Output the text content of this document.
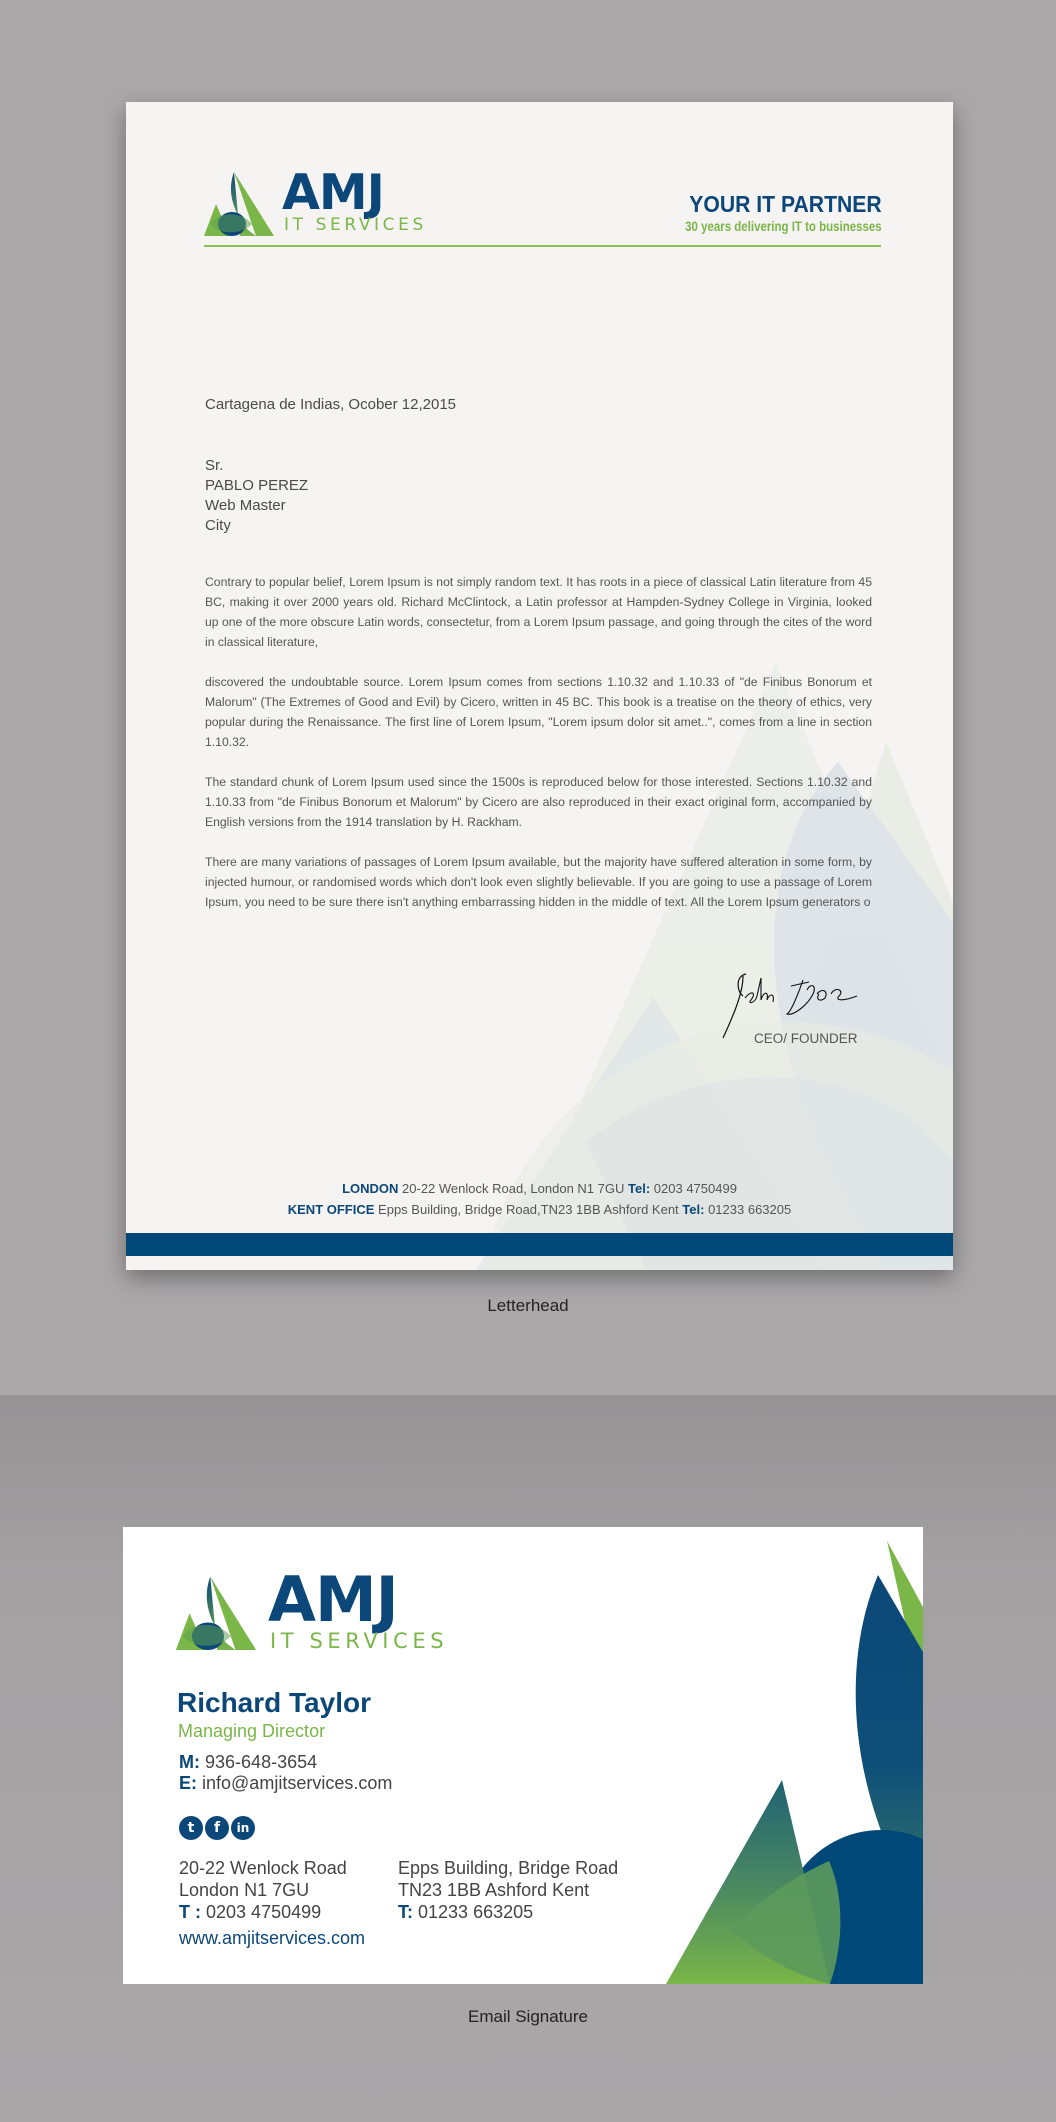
AMJ
IT SERVICES
YOUR IT PARTNER
30 years delivering IT to businesses
Cartagena de Indias, Ocober 12,2015
Sr.
PABLO PEREZ
Web Master
City

Contrary to popular belief, Lorem Ipsum is not simply random text. It has roots in a piece of classical Latin literature from 45 BC, making it over 2000 years old. Richard McClintock, a Latin professor at Hampden-Sydney College in Virginia, looked up one of the more obscure Latin words, consectetur, from a Lorem Ipsum passage, and going through the cites of the word in classical literature,

discovered the undoubtable source. Lorem Ipsum comes from sections 1.10.32 and 1.10.33 of "de Finibus Bonorum et Malorum" (The Extremes of Good and Evil) by Cicero, written in 45 BC. This book is a treatise on the theory of ethics, very popular during the Renaissance. The first line of Lorem Ipsum, "Lorem ipsum dolor sit amet..", comes from a line in section 1.10.32.

The standard chunk of Lorem Ipsum used since the 1500s is reproduced below for those interested. Sections 1.10.32 and 1.10.33 from "de Finibus Bonorum et Malorum" by Cicero are also reproduced in their exact original form, accompanied by English versions from the 1914 translation by H. Rackham.

There are many variations of passages of Lorem Ipsum available, but the majority have suffered alteration in some form, by injected humour, or randomised words which don't look even slightly believable. If you are going to use a passage of Lorem Ipsum, you need to be sure there isn't anything embarrassing hidden in the middle of text. All the Lorem Ipsum generators o

CEO/ FOUNDER
LONDON 20-22 Wenlock Road, London N1 7GU Tel: 0203 4750499
KENT OFFICE Epps Building, Bridge Road,TN23 1BB Ashford Kent Tel: 01233 663205
Letterhead
AMJ
IT SERVICES
Richard Taylor
Managing Director
M: 936-648-3654
E: info@amjitservices.com
t	f	in
20-22 Wenlock Road
London N1 7GU
T : 0203 4750499
Epps Building, Bridge Road
TN23 1BB Ashford Kent
T: 01233 663205
www.amjitservices.com
Email Signature
